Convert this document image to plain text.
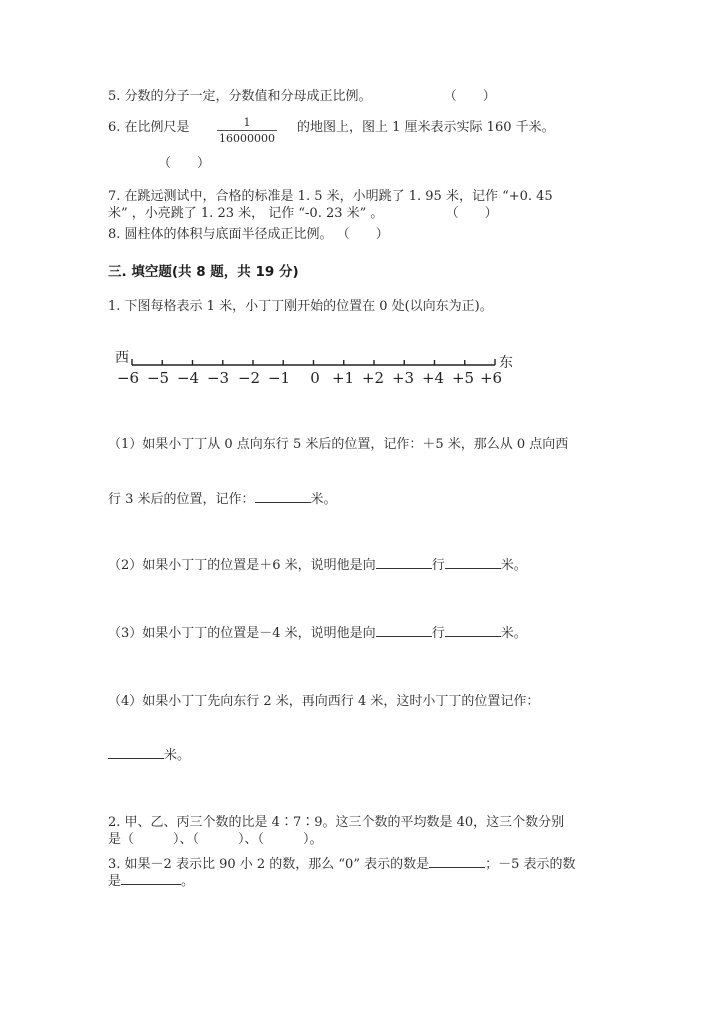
5. 分数的分子一定，分数值和分母成正比例。	（　　）
6. 在比例尺是 $\frac{1}{16000000}$ 的地图上，图上 1 厘米表示实际 160 千米。
（　　）
7. 在跳远测试中，合格的标准是 1. 5 米，小明跳了 1. 95 米，记作 “+0. 45
米” ，小亮跳了 1. 23 米， 记作 “-0. 23 米” 。	（　　）
8. 圆柱体的体积与底面半径成正比例。 （　　）
三. 填空题(共 8 题，共 19 分)
1. 下图每格表示 1 米，小丁丁刚开始的位置在 0 处(以向东为正)。
西	东
−6 −5 −4 −3 −2 −1 0 +1 +2 +3 +4 +5 +6
（1）如果小丁丁从 0 点向东行 5 米后的位置，记作：＋5 米，那么从 0 点向西
行 3 米后的位置，记作：	米。
（2）如果小丁丁的位置是＋6 米，说明他是向	行	米。
（3）如果小丁丁的位置是－4 米，说明他是向	行	米。
（4）如果小丁丁先向东行 2 米，再向西行 4 米，这时小丁丁的位置记作：
米。
2. 甲、乙、丙三个数的比是 4∶7∶9。这三个数的平均数是 40，这三个数分别
是（　　　）、（　　　）、（　　　）。
3. 如果－2 表示比 90 小 2 的数，那么 “0” 表示的数是	；－5 表示的数
是	。
